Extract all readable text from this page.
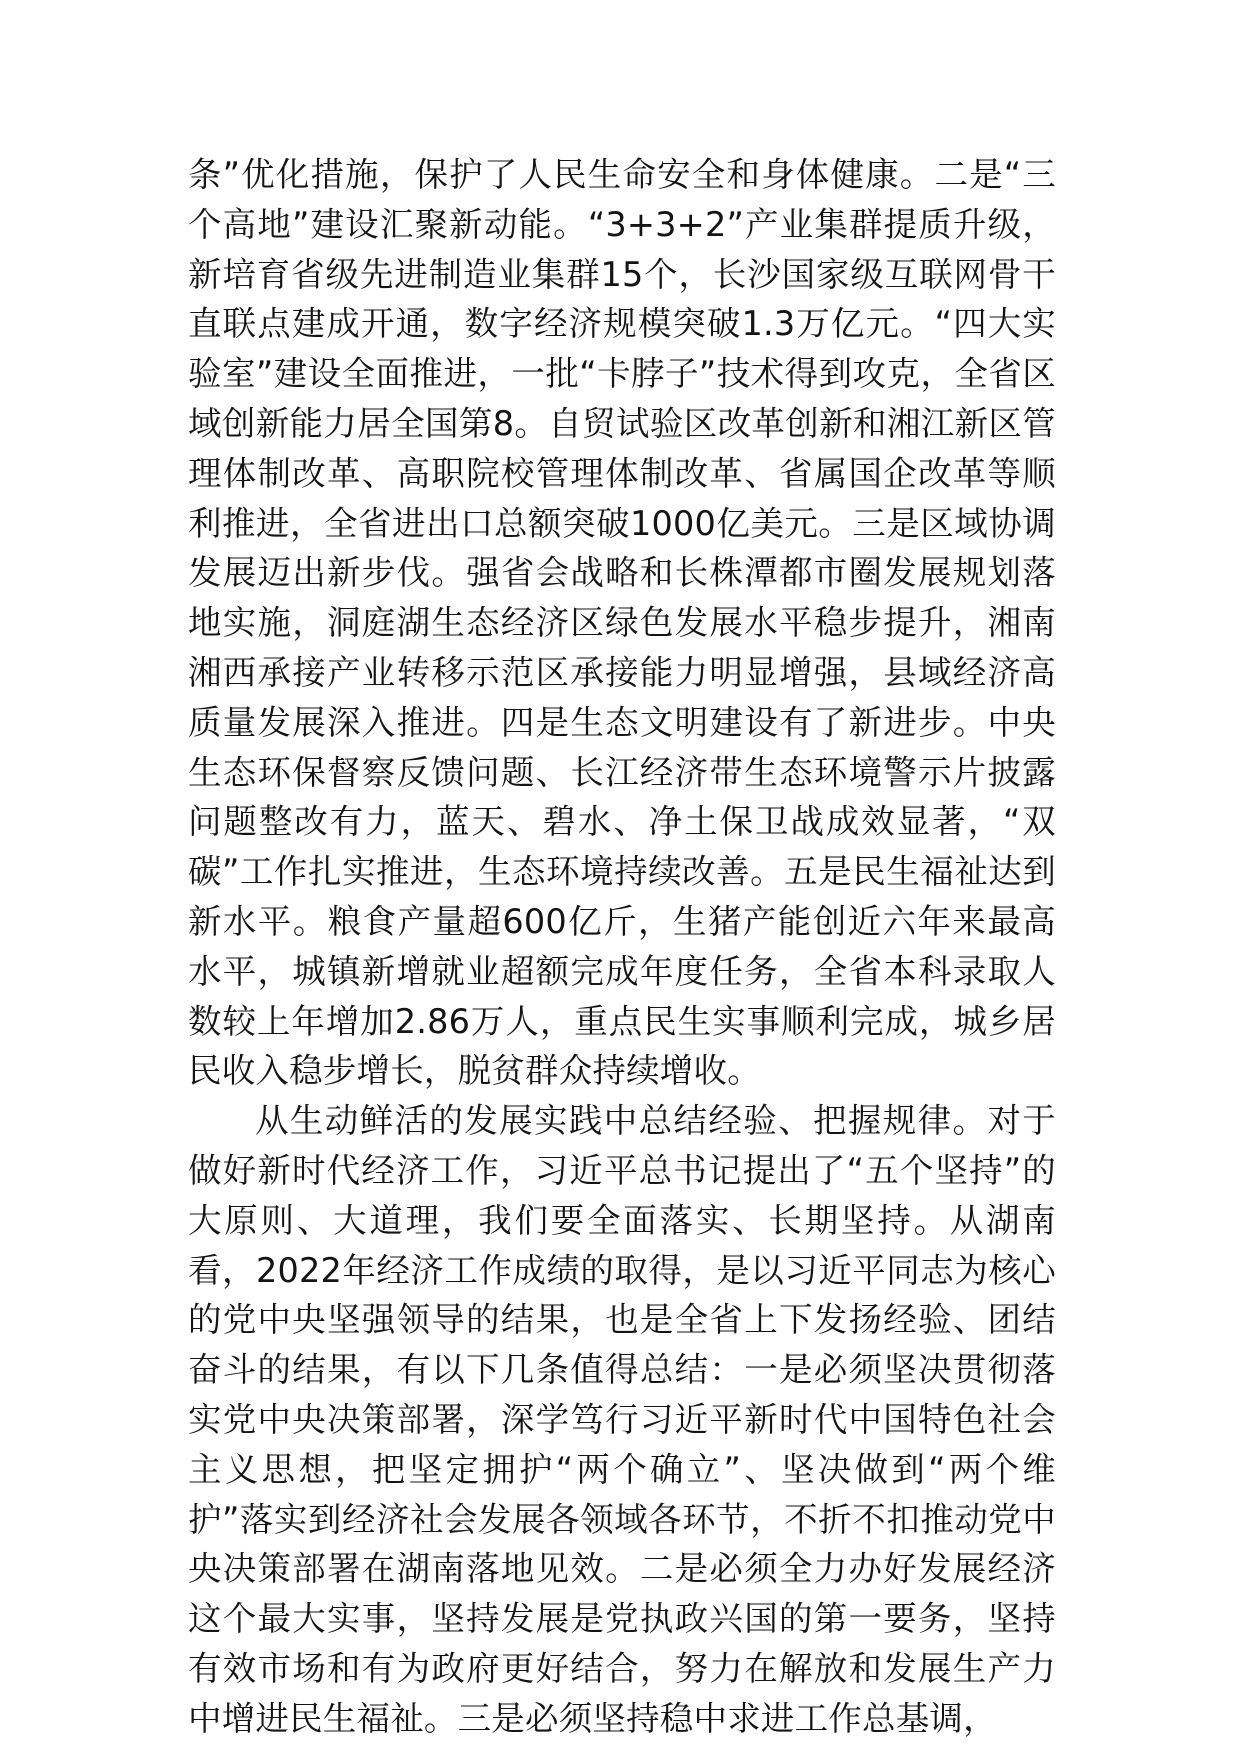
条”优化措施，保护了人民生命安全和身体健康。二是“三个高地”建设汇聚新动能。“3+3+2”产业集群提质升级，新培育省级先进制造业集群15个，长沙国家级互联网骨干直联点建成开通，数字经济规模突破1.3万亿元。“四大实验室”建设全面推进，一批“卡脖子”技术得到攻克，全省区域创新能力居全国第8。自贸试验区改革创新和湘江新区管理体制改革、高职院校管理体制改革、省属国企改革等顺利推进，全省进出口总额突破1000亿美元。三是区域协调发展迈出新步伐。强省会战略和长株潭都市圈发展规划落地实施，洞庭湖生态经济区绿色发展水平稳步提升，湘南湘西承接产业转移示范区承接能力明显增强，县域经济高质量发展深入推进。四是生态文明建设有了新进步。中央生态环保督察反馈问题、长江经济带生态环境警示片披露问题整改有力，蓝天、碧水、净土保卫战成效显著，“双碳”工作扎实推进，生态环境持续改善。五是民生福祉达到新水平。粮食产量超600亿斤，生猪产能创近六年来最高水平，城镇新增就业超额完成年度任务，全省本科录取人数较上年增加2.86万人，重点民生实事顺利完成，城乡居民收入稳步增长，脱贫群众持续增收。

从生动鲜活的发展实践中总结经验、把握规律。对于做好新时代经济工作，习近平总书记提出了“五个坚持”的大原则、大道理，我们要全面落实、长期坚持。从湖南看，2022年经济工作成绩的取得，是以习近平同志为核心的党中央坚强领导的结果，也是全省上下发扬经验、团结奋斗的结果，有以下几条值得总结：一是必须坚决贯彻落实党中央决策部署，深学笃行习近平新时代中国特色社会主义思想，把坚定拥护“两个确立”、坚决做到“两个维护”落实到经济社会发展各领域各环节，不折不扣推动党中央决策部署在湖南落地见效。二是必须全力办好发展经济这个最大实事，坚持发展是党执政兴国的第一要务，坚持有效市场和有为政府更好结合，努力在解放和发展生产力中增进民生福祉。三是必须坚持稳中求进工作总基调，
